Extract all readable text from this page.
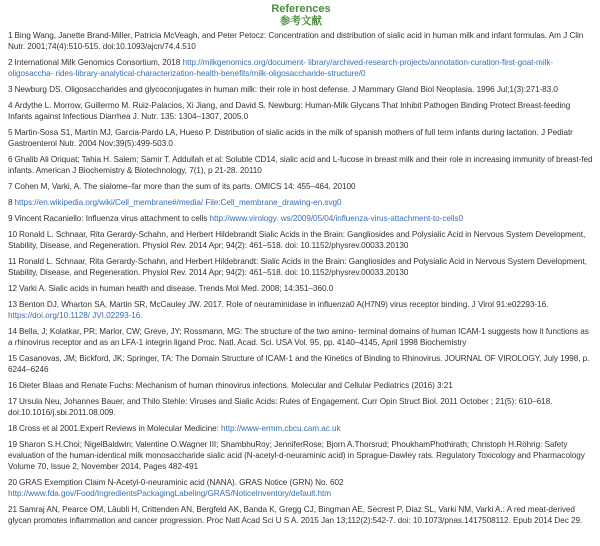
References
参考文献
1 Bing Wang, Janette Brand-Miller, Patricia McVeagh, and Peter Petocz: Concentration and distribution of sialic acid in human milk and infant formulas. Am J Clin Nutr. 2001;74(4):510-515. doi:10.1093/ajcn/74.4.510
2 International Milk Genomics Consortium, 2018 http://milkgenomics.org/document- library/archived-research-projects/annotation-curation-first-goat-milk-oligosaccha- rides-library-analytical-characterization-health-benefits/milk-oligosaccharide-structure/0
3 Newburg DS. Oligosaccharides and glycoconjugates in human milk: their role in host defense. J Mammary Gland Biol Neoplasia. 1996 Jul;1(3):271-83.0
4 Ardythe L. Morrow, Guillermo M. Ruiz-Palacios, Xi Jiang, and David S. Newburg: Human-Milk Glycans That Inhibit Pathogen Binding Protect Breast-feeding Infants against Infectious Diarrhea J. Nutr. 135: 1304–1307, 2005.0
5 Martin-Sosa S1, Martín MJ, Garcia-Pardo LA, Hueso P. Distribution of sialic acids in the milk of spanish mothers of full term infants during lactation. J Pediatr Gastroenterol Nutr. 2004 Nov;39(5):499-503.0
6 Ghalib Ali Oriquat; Tahia H. Salem; Samir T. Addullah et al: Soluble CD14, sialic acid and L-fucose in breast milk and their role in increasing immunity of breast-fed infants. American J Biochemistry & Biotechnology, 7(1), p 21-28. 20110
7 Cohen M, Varki, A. The sialome–far more than the sum of its parts. OMICS 14: 455–464, 20100
8 https://en.wikipedia.org/wiki/Cell_membrane#/media/ File:Cell_membrane_drawing-en.svg0
9 Vincent Racaniello: Influenza virus attachment to cells http://www.virology. ws/2009/05/04/influenza-virus-attachment-to-cells0
10 Ronald L. Schnaar, Rita Gerardy-Schahn, and Herbert Hildebrandt Sialic Acids in the Brain: Gangliosides and Polysialic Acid in Nervous System Development, Stability, Disease, and Regeneration. Physiol Rev. 2014 Apr; 94(2): 461–518. doi: 10.1152/physrev.00033.20130
11 Ronald L. Schnaar, Rita Gerardy-Schahn, and Herbert Hildebrandt: Sialic Acids in the Brain: Gangliosides and Polysialic Acid in Nervous System Development, Stability, Disease, and Regeneration. Physiol Rev. 2014 Apr; 94(2): 461–518. doi: 10.1152/physrev.00033.20130
12 Varki A. Sialic acids in human health and disease. Trends Mol Med. 2008; 14:351–360.0
13 Benton DJ, Wharton SA, Martin SR, McCauley JW. 2017. Role of neuraminidase in influenza0 A(H7N9) virus receptor binding. J Virol 91:e02293-16. https://doi.org/10.1128/ JVI.02293-16.
14 Bella, J; Kolatkar, PR; Marlor, CW; Greve, JY; Rossmann, MG: The structure of the two amino- terminal domains of human ICAM-1 suggests how it functions as a rhinovirus receptor and as an LFA-1 integrin ligand Proc. Natl. Acad. Sci. USA Vol. 95, pp. 4140–4145, April 1998 Biochemistry
15 Casanovas, JM; Bickford, JK; Springer, TA: The Domain Structure of ICAM-1 and the Kinetics of Binding to Rhinovirus. JOURNAL OF VIROLOGY, July 1998, p. 6244–6246
16 Dieter Blaas and Renate Fuchs: Mechanism of human rhinovirus infections. Molecular and Cellular Pediatrics (2016) 3:21
17 Ursula Neu, Johannes Bauer, and Thilo Stehle: Viruses and Sialic Acids: Rules of Engagement. Curr Opin Struct Biol. 2011 October ; 21(5): 610–618. doi:10.1016/j.sbi.2011.08.009.
18 Cross et al 2001.Expert Reviews in Molecular Medicine: http://www-ermm.cbcu.cam.ac.uk
19 Sharon S.H.Choi; NigelBaldwin; Valentine O.Wagner III; ShambhuRoy; JenniferRose; Bjorn A.Thorsrud; PhoukhamPhothirath; Christoph H.Röhrig: Safety evaluation of the human-identical milk monosaccharide sialic acid (N-acetyl-d-neuraminic acid) in Sprague-Dawley rats. Regulatory Toxicology and Pharmacology Volume 70, Issue 2, November 2014, Pages 482-491
20 GRAS Exemption Claim N-Acetyl-0-neuraminic acid (NANA). GRAS Notice (GRN) No. 602 http://www.fda.gov/Food/IngredientsPackagingLabeling/GRAS/NoticeInventory/default.htm
21 Samraj AN, Pearce OM, Läubli H, Crittenden AN, Bergfeld AK, Banda K, Gregg CJ, Bingman AE, Secrest P, Diaz SL, Varki NM, Varki A.: A red meat-derived glycan promotes inflammation and cancer progression. Proc Natl Acad Sci U S A. 2015 Jan 13;112(2):542-7. doi: 10.1073/pnas.1417508112. Epub 2014 Dec 29.
